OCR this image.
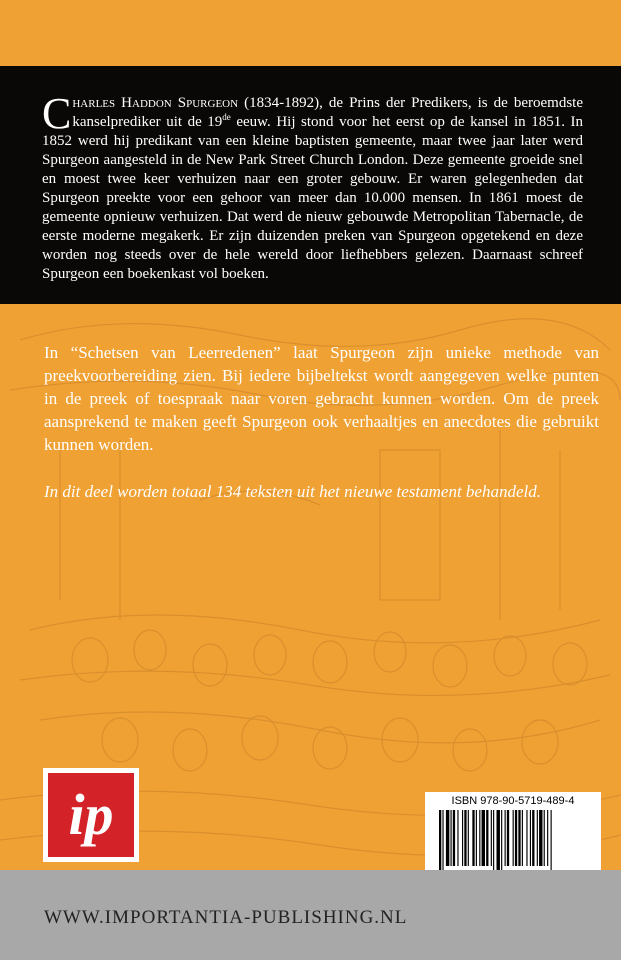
Charles Haddon Spurgeon (1834-1892), de Prins der Predikers, is de beroemdste kanselprediker uit de 19de eeuw. Hij stond voor het eerst op de kansel in 1851. In 1852 werd hij predikant van een kleine baptisten gemeente, maar twee jaar later werd Spurgeon aangesteld in de New Park Street Church London. Deze gemeente groeide snel en moest twee keer verhuizen naar een groter gebouw. Er waren gelegenheden dat Spurgeon preekte voor een gehoor van meer dan 10.000 mensen. In 1861 moest de gemeente opnieuw verhuizen. Dat werd de nieuw gebouwde Metropolitan Tabernacle, de eerste moderne megakerk. Er zijn duizenden preken van Spurgeon opgetekend en deze worden nog steeds over de hele wereld door liefhebbers gelezen. Daarnaast schreef Spurgeon een boekenkast vol boeken.

In “Schetsen van Leerredenen” laat Spurgeon zijn unieke methode van preekvoorbereiding zien. Bij iedere bijbeltekst wordt aangegeven welke punten in de preek of toespraak naar voren gebracht kunnen worden. Om de preek aansprekend te maken geeft Spurgeon ook verhaaltjes en anecdotes die gebruikt kunnen worden.

In dit deel worden totaal 134 teksten uit het nieuwe testament behandeld.

ip	ISBN 978-90-5719-489-4
WWW.IMPORTANTIA-PUBLISHING.NL
